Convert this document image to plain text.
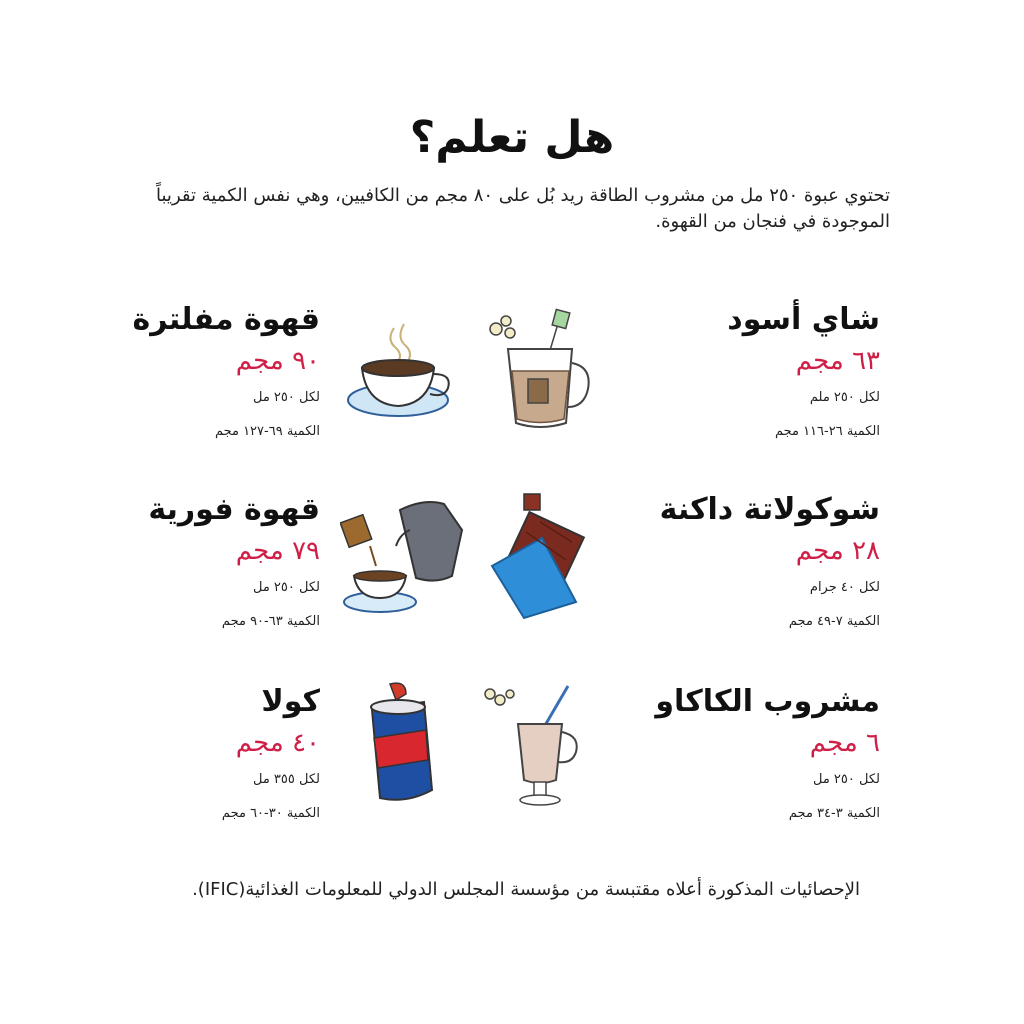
هل تعلم؟
تحتوي عبوة ٢٥٠ مل من مشروب الطاقة ريد بُل على ٨٠ مجم من الكافيين، وهي نفس الكمية تقريباً الموجودة في فنجان من القهوة.
شاي أسود
٦٣ مجم
لكل ٢٥٠ ملم
الكمية ٢٦-١١٦ مجم
قهوة مفلترة
٩٠ مجم
لكل ٢٥٠ مل
الكمية ٦٩-١٢٧ مجم
شوكولاتة داكنة
٢٨ مجم
لكل ٤٠ جرام
الكمية ٧-٤٩ مجم
قهوة فورية
٧٩ مجم
لكل ٢٥٠ مل
الكمية ٦٣-٩٠ مجم
مشروب الكاكاو
٦ مجم
لكل ٢٥٠ مل
الكمية ٣-٣٤ مجم
كولا
٤٠ مجم
لكل ٣٥٥ مل
الكمية ٣٠-٦٠ مجم
الإحصائيات المذكورة أعلاه مقتبسة من مؤسسة المجلس الدولي للمعلومات الغذائية(IFIC).
